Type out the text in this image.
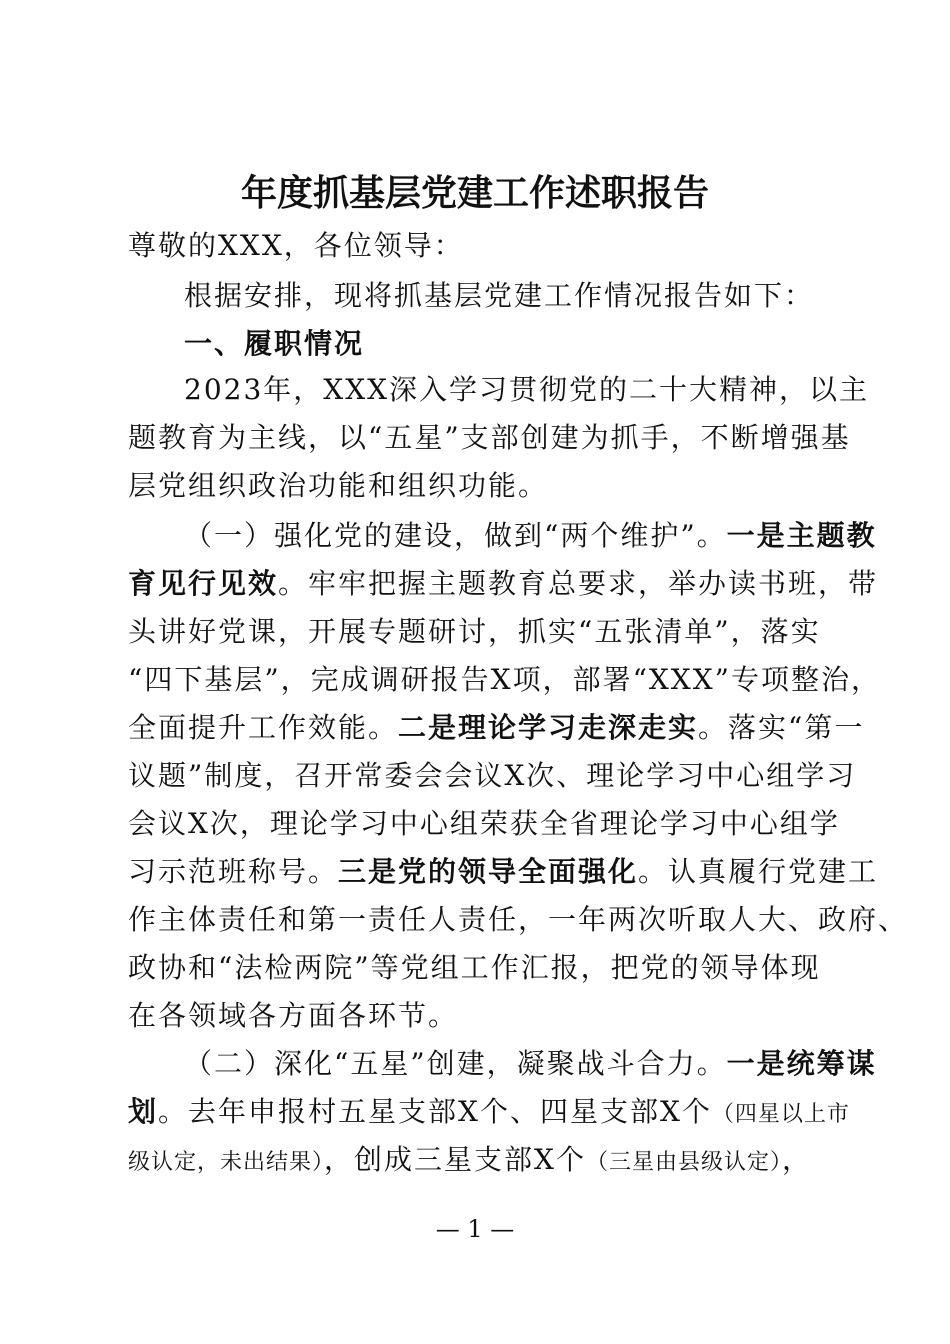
年度抓基层党建工作述职报告
尊敬的XXX，各位领导：
根据安排，现将抓基层党建工作情况报告如下：
一、履职情况
2023年，XXX深入学习贯彻党的二十大精神，以主
题教育为主线，以“五星”支部创建为抓手，不断增强基
层党组织政治功能和组织功能。
（一）强化党的建设，做到“两个维护”。一是主题教
育见行见效。牢牢把握主题教育总要求，举办读书班，带
头讲好党课，开展专题研讨，抓实“五张清单”，落实
“四下基层”，完成调研报告X项，部署“XXX”专项整治，
全面提升工作效能。二是理论学习走深走实。落实“第一
议题”制度，召开常委会会议X次、理论学习中心组学习
会议X次，理论学习中心组荣获全省理论学习中心组学
习示范班称号。三是党的领导全面强化。认真履行党建工
作主体责任和第一责任人责任，一年两次听取人大、政府、
政协和“法检两院”等党组工作汇报，把党的领导体现
在各领域各方面各环节。
（二）深化“五星”创建，凝聚战斗合力。一是统筹谋
划。去年申报村五星支部X个、四星支部X个（四星以上市
级认定，未出结果），创成三星支部X个（三星由县级认定），
— 1 —
